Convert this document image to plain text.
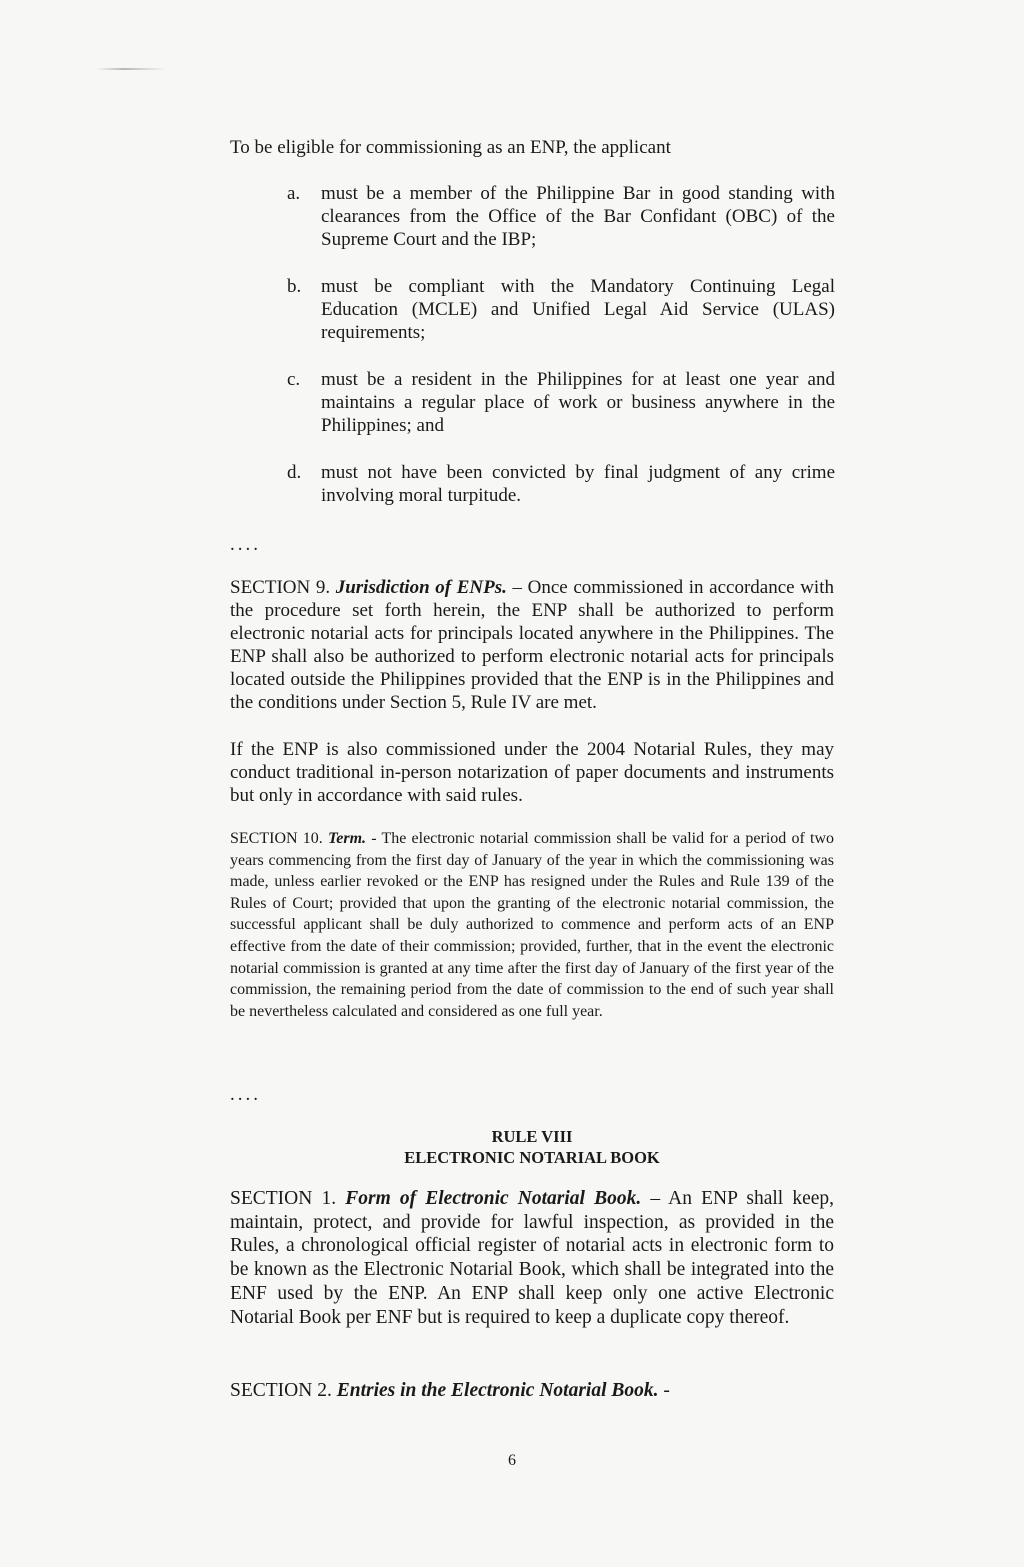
To be eligible for commissioning as an ENP, the applicant
a.	must be a member of the Philippine Bar in good standing with clearances from the Office of the Bar Confidant (OBC) of the Supreme Court and the IBP;
b.	must be compliant with the Mandatory Continuing Legal Education (MCLE) and Unified Legal Aid Service (ULAS) requirements;
c.	must be a resident in the Philippines for at least one year and maintains a regular place of work or business anywhere in the Philippines; and
d.	must not have been convicted by final judgment of any crime involving moral turpitude.
....
SECTION 9. Jurisdiction of ENPs. – Once commissioned in accordance with the procedure set forth herein, the ENP shall be authorized to perform electronic notarial acts for principals located anywhere in the Philippines. The ENP shall also be authorized to perform electronic notarial acts for principals located outside the Philippines provided that the ENP is in the Philippines and the conditions under Section 5, Rule IV are met.
If the ENP is also commissioned under the 2004 Notarial Rules, they may conduct traditional in-person notarization of paper documents and instruments but only in accordance with said rules.
SECTION 10. Term. - The electronic notarial commission shall be valid for a period of two years commencing from the first day of January of the year in which the commissioning was made, unless earlier revoked or the ENP has resigned under the Rules and Rule 139 of the Rules of Court; provided that upon the granting of the electronic notarial commission, the successful applicant shall be duly authorized to commence and perform acts of an ENP effective from the date of their commission; provided, further, that in the event the electronic notarial commission is granted at any time after the first day of January of the first year of the commission, the remaining period from the date of commission to the end of such year shall be nevertheless calculated and considered as one full year.
....
RULE VIII
ELECTRONIC NOTARIAL BOOK
SECTION 1. Form of Electronic Notarial Book. – An ENP shall keep, maintain, protect, and provide for lawful inspection, as provided in the Rules, a chronological official register of notarial acts in electronic form to be known as the Electronic Notarial Book, which shall be integrated into the ENF used by the ENP. An ENP shall keep only one active Electronic Notarial Book per ENF but is required to keep a duplicate copy thereof.
SECTION 2. Entries in the Electronic Notarial Book. -
6
